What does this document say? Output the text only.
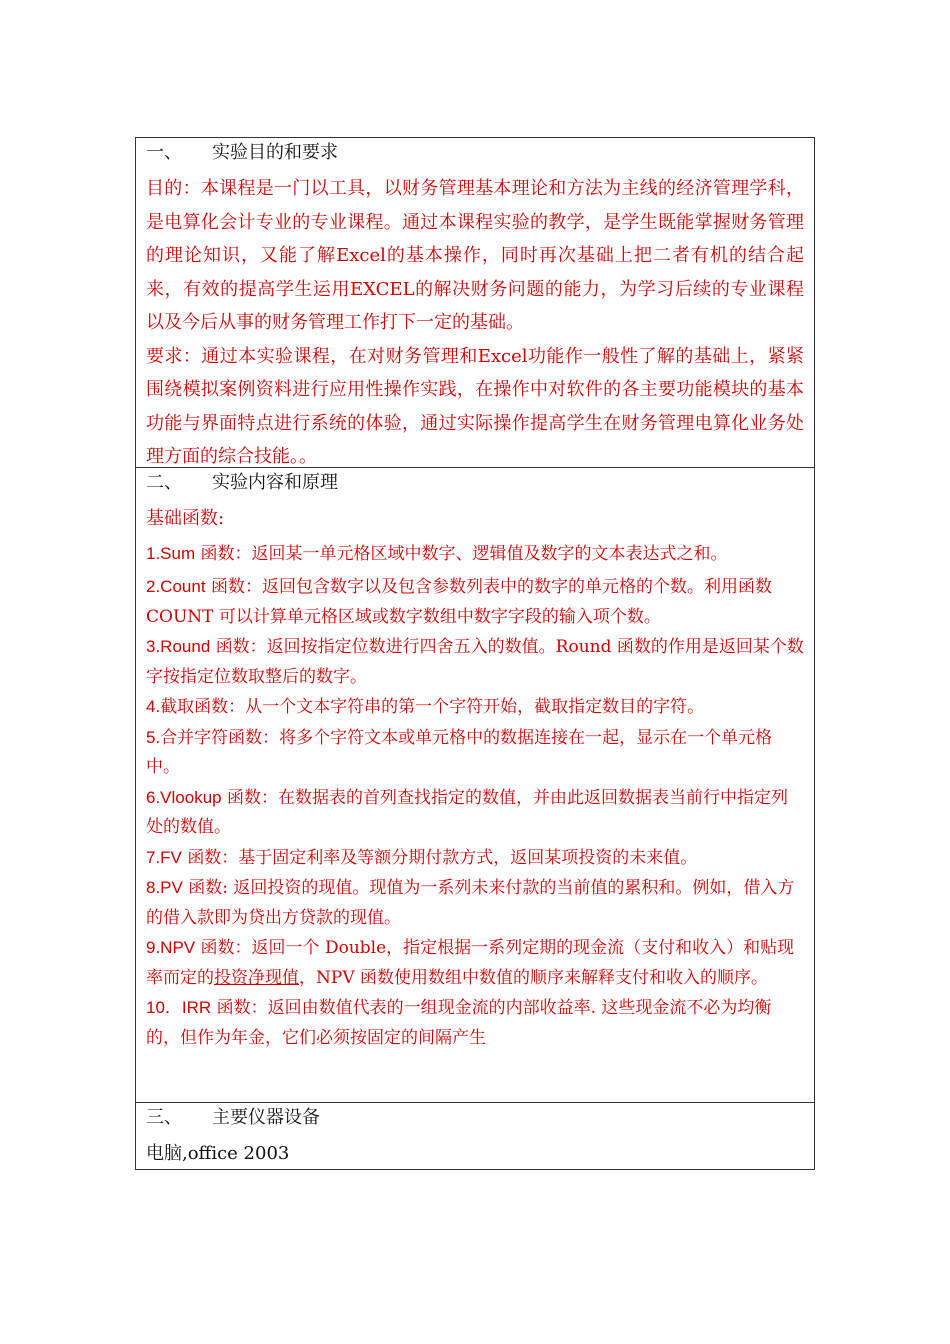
一、 实验目的和要求

目的：本课程是一门以工具，以财务管理基本理论和方法为主线的经济管理学科，是电算化会计专业的专业课程。通过本课程实验的教学，是学生既能掌握财务管理的理论知识，又能了解Excel的基本操作，同时再次基础上把二者有机的结合起来，有效的提高学生运用EXCEL的解决财务问题的能力，为学习后续的专业课程以及今后从事的财务管理工作打下一定的基础。

要求：通过本实验课程，在对财务管理和Excel功能作一般性了解的基础上，紧紧围绕模拟案例资料进行应用性操作实践，在操作中对软件的各主要功能模块的基本功能与界面特点进行系统的体验，通过实际操作提高学生在财务管理电算化业务处理方面的综合技能。。

二、 实验内容和原理
基础函数:
1.Sum 函数：返回某一单元格区域中数字、逻辑值及数字的文本表达式之和。
2.Count 函数：返回包含数字以及包含参数列表中的数字的单元格的个数。利用函数 COUNT 可以计算单元格区域或数字数组中数字字段的输入项个数。
3.Round 函数：返回按指定位数进行四舍五入的数值。Round 函数的作用是返回某个数字按指定位数取整后的数字。
4.截取函数：从一个文本字符串的第一个字符开始，截取指定数目的字符。
5.合并字符函数：将多个字符文本或单元格中的数据连接在一起，显示在一个单元格中。
6.Vlookup 函数：在数据表的首列查找指定的数值，并由此返回数据表当前行中指定列处的数值。
7.FV 函数：基于固定利率及等额分期付款方式，返回某项投资的未来值。
8.PV 函数: 返回投资的现值。现值为一系列未来付款的当前值的累积和。例如，借入方的借入款即为贷出方贷款的现值。
9.NPV 函数：返回一个 Double，指定根据一系列定期的现金流（支付和收入）和贴现率而定的投资净现值，NPV 函数使用数组中数值的顺序来解释支付和收入的顺序。
10．IRR 函数：返回由数值代表的一组现金流的内部收益率. 这些现金流不必为均衡的，但作为年金，它们必须按固定的间隔产生
三、 主要仪器设备
电脑,office 2003
